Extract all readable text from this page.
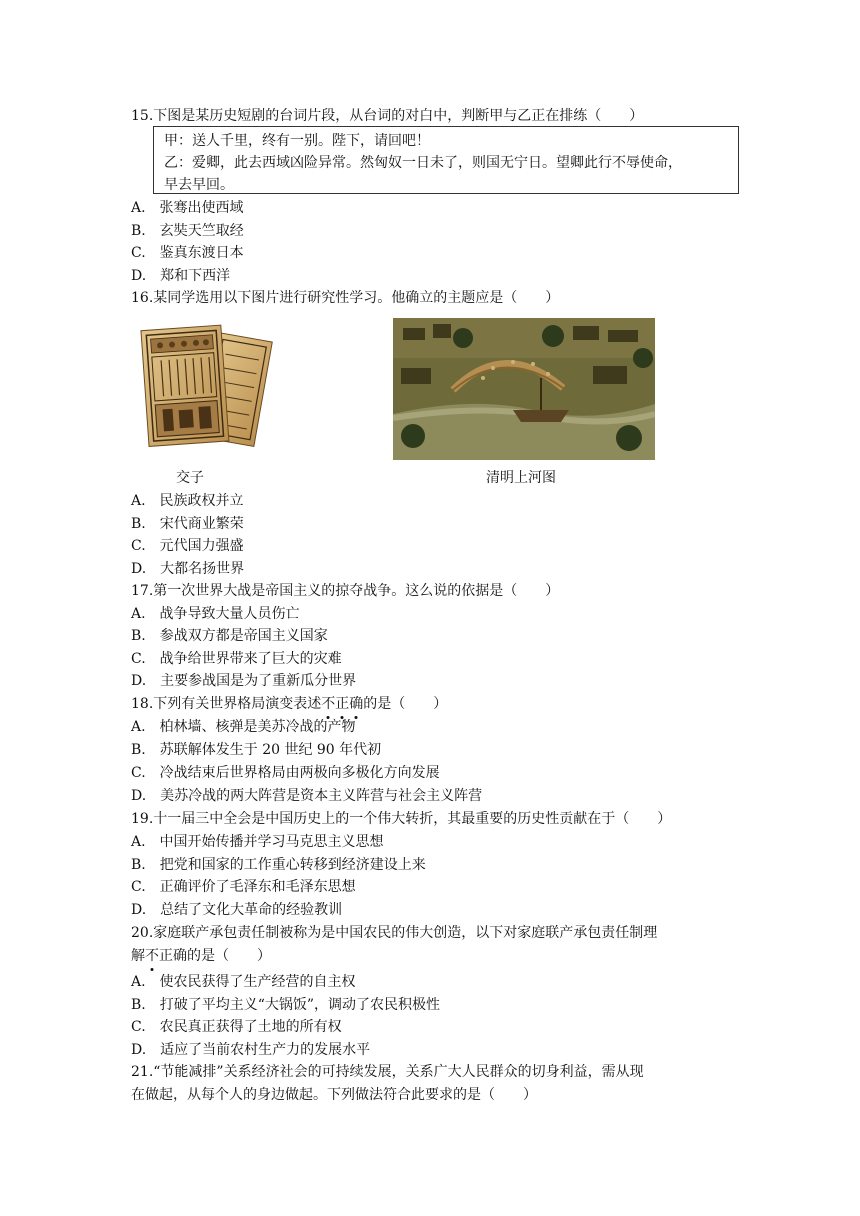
15.下图是某历史短剧的台词片段，从台词的对白中，判断甲与乙正在排练（　　）
甲：送人千里，终有一别。陛下，请回吧！
乙：爱卿，此去西域凶险异常。然匈奴一日未了，则国无宁日。望卿此行不辱使命，
早去早回。
A.　张骞出使西域
B.　玄奘天竺取经
C.　鉴真东渡日本
D.　郑和下西洋
16.某同学选用以下图片进行研究性学习。他确立的主题应是（　　）
交子	清明上河图
A.　民族政权并立
B.　宋代商业繁荣
C.　元代国力强盛
D.　大都名扬世界
17.第一次世界大战是帝国主义的掠夺战争。这么说的依据是（　　）
A.　战争导致大量人员伤亡
B.　参战双方都是帝国主义国家
C.　战争给世界带来了巨大的灾难
D.　主要参战国是为了重新瓜分世界
18.下列有关世界格局演变表述不正确的是（　　）
A.　柏林墙、核弹是美苏冷战的产物
B.　苏联解体发生于 20 世纪 90 年代初
C.　冷战结束后世界格局由两极向多极化方向发展
D.　美苏冷战的两大阵营是资本主义阵营与社会主义阵营
19.十一届三中全会是中国历史上的一个伟大转折，其最重要的历史性贡献在于（　　）
A.　中国开始传播并学习马克思主义思想
B.　把党和国家的工作重心转移到经济建设上来
C.　正确评价了毛泽东和毛泽东思想
D.　总结了文化大革命的经验教训
20.家庭联产承包责任制被称为是中国农民的伟大创造，以下对家庭联产承包责任制理
解不正确的是（　　）
A.　使农民获得了生产经营的自主权
B.　打破了平均主义“大锅饭”，调动了农民积极性
C.　农民真正获得了土地的所有权
D.　适应了当前农村生产力的发展水平
21.“节能减排”关系经济社会的可持续发展，关系广大人民群众的切身利益，需从现
在做起，从每个人的身边做起。下列做法符合此要求的是（　　）
